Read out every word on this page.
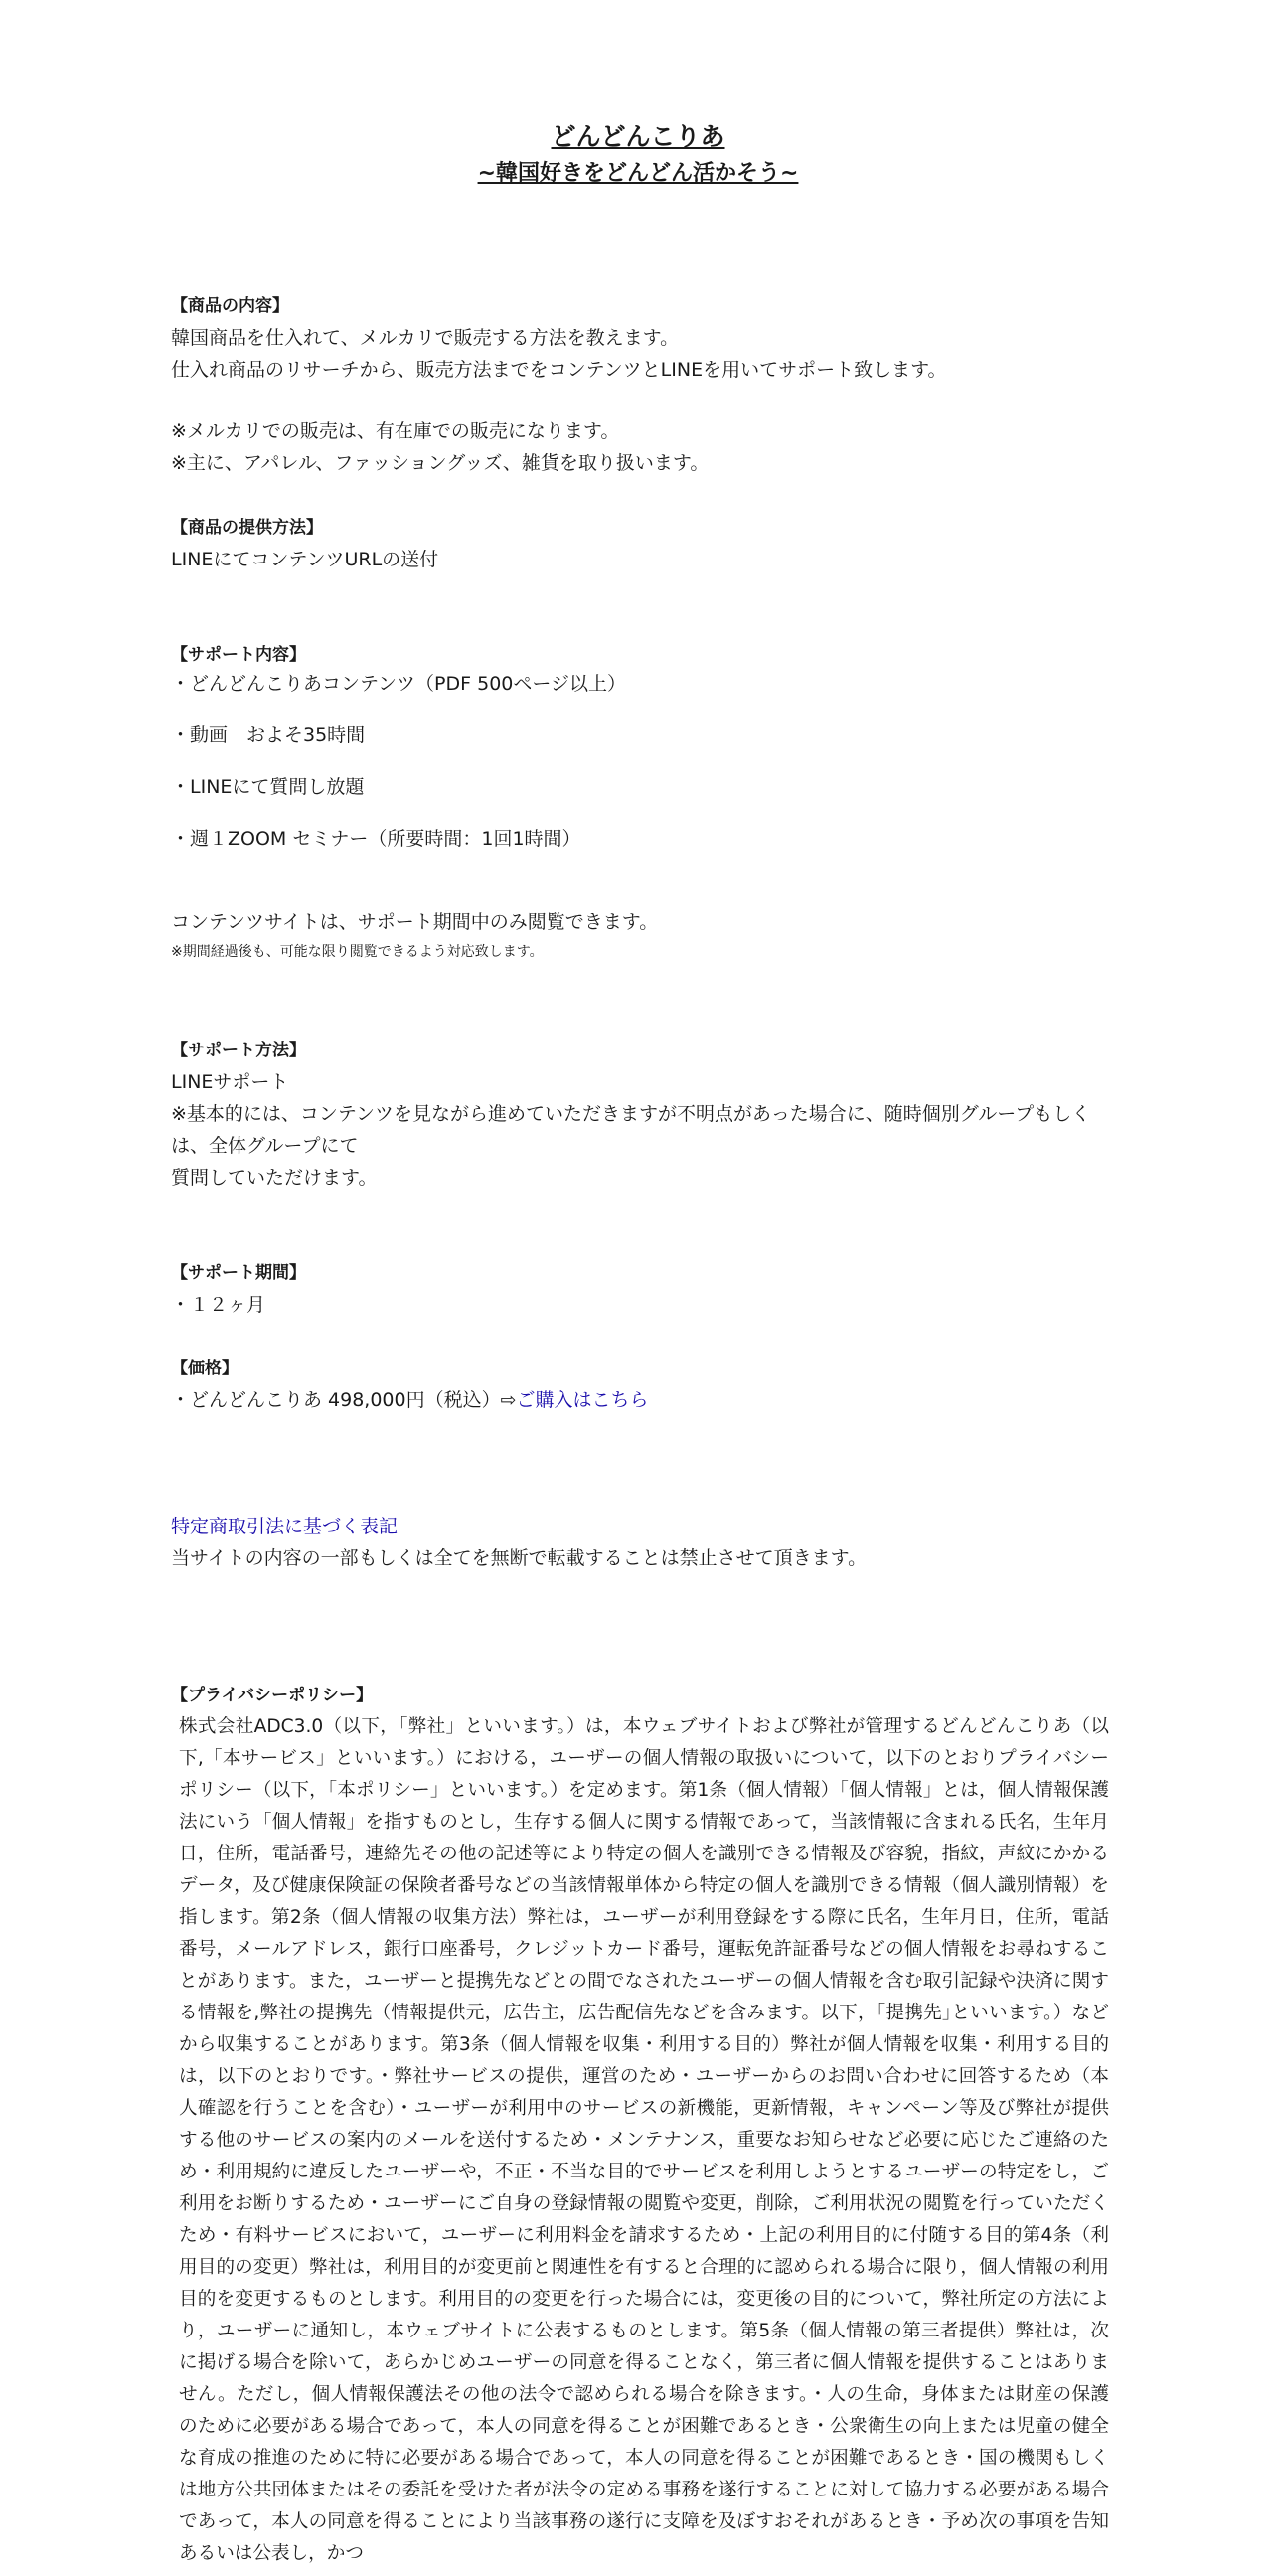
どんどんこりあ
~韓国好きをどんどん活かそう~
【商品の内容】
韓国商品を仕入れて、メルカリで販売する方法を教えます。
仕入れ商品のリサーチから、販売方法までをコンテンツとLINEを用いてサポート致します。
※メルカリでの販売は、有在庫での販売になります。
※主に、アパレル、ファッショングッズ、雑貨を取り扱います。
【商品の提供方法】
LINEにてコンテンツURLの送付
【サポート内容】
・どんどんこりあコンテンツ（PDF 500ページ以上）
・動画　およそ35時間
・LINEにて質問し放題
・週１ZOOM セミナー（所要時間：1回1時間）
コンテンツサイトは、サポート期間中のみ閲覧できます。
※期間経過後も、可能な限り閲覧できるよう対応致します。
【サポート方法】
LINEサポート
※基本的には、コンテンツを見ながら進めていただきますが不明点があった場合に、随時個別グループもしくは、全体グループにて
質問していただけます。
【サポート期間】
・１２ヶ月
【価格】
・どんどんこりあ 498,000円（税込）⇨ご購入はこちら
特定商取引法に基づく表記
当サイトの内容の一部もしくは全てを無断で転載することは禁止させて頂きます。
【プライバシーポリシー】
株式会社ADC3.0（以下，「弊社」といいます。）は，本ウェブサイトおよび弊社が管理するどんどんこりあ（以下,「本サービス」といいます。）における，ユーザーの個人情報の取扱いについて，以下のとおりプライバシーポリシー（以下，「本ポリシー」といいます。）を定めます。第1条（個人情報）「個人情報」とは，個人情報保護法にいう「個人情報」を指すものとし，生存する個人に関する情報であって，当該情報に含まれる氏名，生年月日，住所，電話番号，連絡先その他の記述等により特定の個人を識別できる情報及び容貌，指紋，声紋にかかるデータ，及び健康保険証の保険者番号などの当該情報単体から特定の個人を識別できる情報（個人識別情報）を指します。第2条（個人情報の収集方法）弊社は，ユーザーが利用登録をする際に氏名，生年月日，住所，電話番号，メールアドレス，銀行口座番号，クレジットカード番号，運転免許証番号などの個人情報をお尋ねすることがあります。また，ユーザーと提携先などとの間でなされたユーザーの個人情報を含む取引記録や決済に関する情報を,弊社の提携先（情報提供元，広告主，広告配信先などを含みます。以下，｢提携先｣といいます。）などから収集することがあります。第3条（個人情報を収集・利用する目的）弊社が個人情報を収集・利用する目的は，以下のとおりです。・弊社サービスの提供，運営のため・ユーザーからのお問い合わせに回答するため（本人確認を行うことを含む）・ユーザーが利用中のサービスの新機能，更新情報，キャンペーン等及び弊社が提供する他のサービスの案内のメールを送付するため・メンテナンス，重要なお知らせなど必要に応じたご連絡のため・利用規約に違反したユーザーや，不正・不当な目的でサービスを利用しようとするユーザーの特定をし，ご利用をお断りするため・ユーザーにご自身の登録情報の閲覧や変更，削除，ご利用状況の閲覧を行っていただくため・有料サービスにおいて，ユーザーに利用料金を請求するため・上記の利用目的に付随する目的第4条（利用目的の変更）弊社は，利用目的が変更前と関連性を有すると合理的に認められる場合に限り，個人情報の利用目的を変更するものとします。利用目的の変更を行った場合には，変更後の目的について，弊社所定の方法により，ユーザーに通知し，本ウェブサイトに公表するものとします。第5条（個人情報の第三者提供）弊社は，次に掲げる場合を除いて，あらかじめユーザーの同意を得ることなく，第三者に個人情報を提供することはありません。ただし，個人情報保護法その他の法令で認められる場合を除きます。・人の生命，身体または財産の保護のために必要がある場合であって，本人の同意を得ることが困難であるとき・公衆衛生の向上または児童の健全な育成の推進のために特に必要がある場合であって，本人の同意を得ることが困難であるとき・国の機関もしくは地方公共団体またはその委託を受けた者が法令の定める事務を遂行することに対して協力する必要がある場合であって，本人の同意を得ることにより当該事務の遂行に支障を及ぼすおそれがあるとき・予め次の事項を告知あるいは公表し，かつ
